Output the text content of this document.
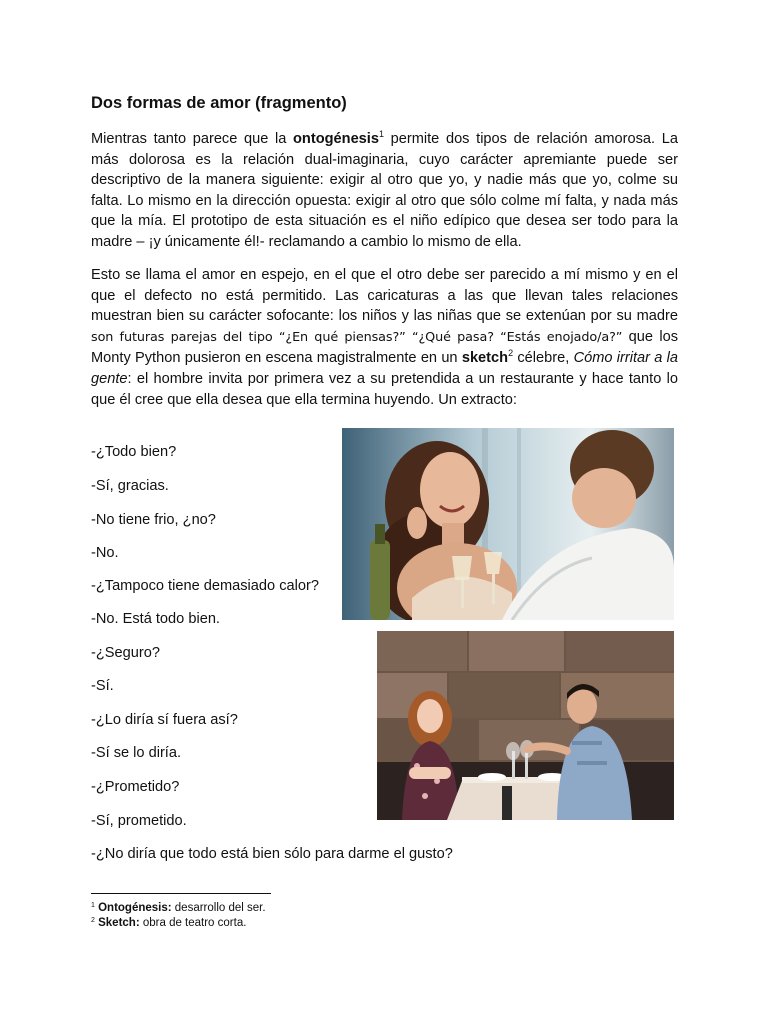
Dos formas de amor (fragmento)

Mientras tanto parece que la ontogénesis$^1$ permite dos tipos de relación amorosa. La más dolorosa es la relación dual-imaginaria, cuyo carácter apremiante puede ser descriptivo de la manera siguiente: exigir al otro que yo, y nadie más que yo, colme su falta. Lo mismo en la dirección opuesta: exigir al otro que sólo colme mí falta, y nada más que la mía. El prototipo de esta situación es el niño edípico que desea ser todo para la madre – ¡y únicamente él!- reclamando a cambio lo mismo de ella.

Esto se llama el amor en espejo, en el que el otro debe ser parecido a mí mismo y en el que el defecto no está permitido. Las caricaturas a las que llevan tales relaciones muestran bien su carácter sofocante: los niños y las niñas que se extenúan por su madre son futuras parejas del tipo “¿En qué piensas?” “¿Qué pasa? “Estás enojado/a?” que los Monty Python pusieron en escena magistralmente en un sketch$^2$ célebre, Cómo irritar a la gente: el hombre invita por primera vez a su pretendida a un restaurante y hace tanto lo que él cree que ella desea que ella termina huyendo. Un extracto:

-¿Todo bien?

-Sí, gracias.

-No tiene frio, ¿no?

-No.

-¿Tampoco tiene demasiado calor?

-No. Está todo bien.

-¿Seguro?

-Sí.

-¿Lo diría sí fuera así?

-Sí se lo diría.

-¿Prometido?

-Sí, prometido.

-¿No diría que todo está bien sólo para darme el gusto?

$^1$ Ontogénesis: desarrollo del ser.

$^2$ Sketch: obra de teatro corta.
